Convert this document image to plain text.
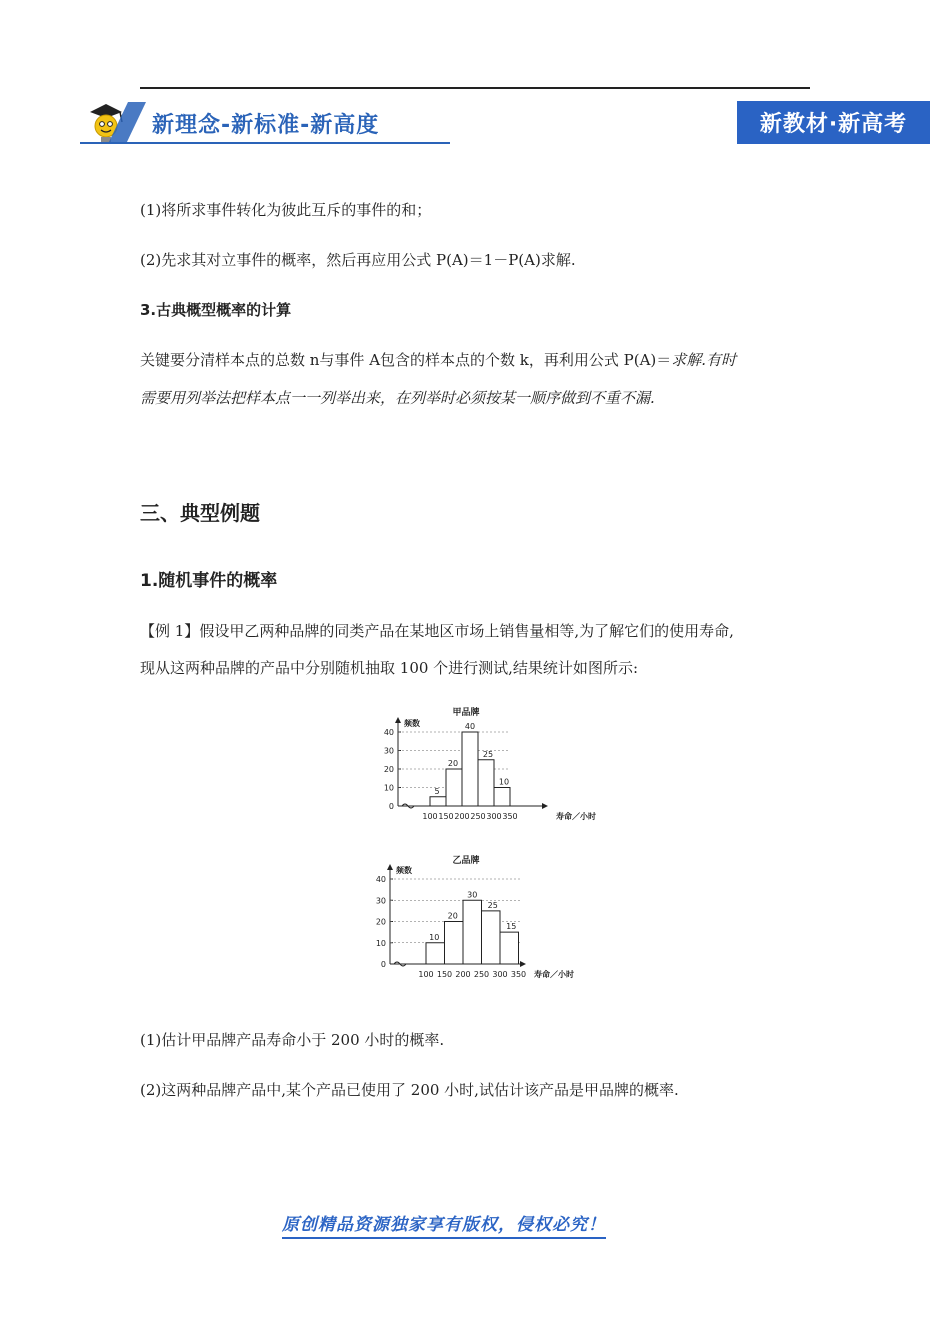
新理念-新标准-新高度	新教材·新高考
(1)将所求事件转化为彼此互斥的事件的和；
(2)先求其对立事件的概率，然后再应用公式 P(A)＝1－P(A)求解.
3.古典概型概率的计算
关键要分清样本点的总数 n与事件 A包含的样本点的个数 k，再利用公式 P(A)＝求解.有时
需要用列举法把样本点一一列举出来，在列举时必须按某一顺序做到不重不漏.
三、典型例题
1.随机事件的概率
【例 1】假设甲乙两种品牌的同类产品在某地区市场上销售量相等,为了解它们的使用寿命,
现从这两种品牌的产品中分别随机抽取 100 个进行测试,结果统计如图所示:
甲品牌
频数
寿命／小时
0
10
20
30
40
5
20
40
25
10
100 150 200 250 300 350
乙品牌
频数
寿命／小时
0
10
20
30
40
10
20
30
25
15
100 150 200 250 300 350
(1)估计甲品牌产品寿命小于 200 小时的概率.
(2)这两种品牌产品中,某个产品已使用了 200 小时,试估计该产品是甲品牌的概率.
原创精品资源独家享有版权，侵权必究！
